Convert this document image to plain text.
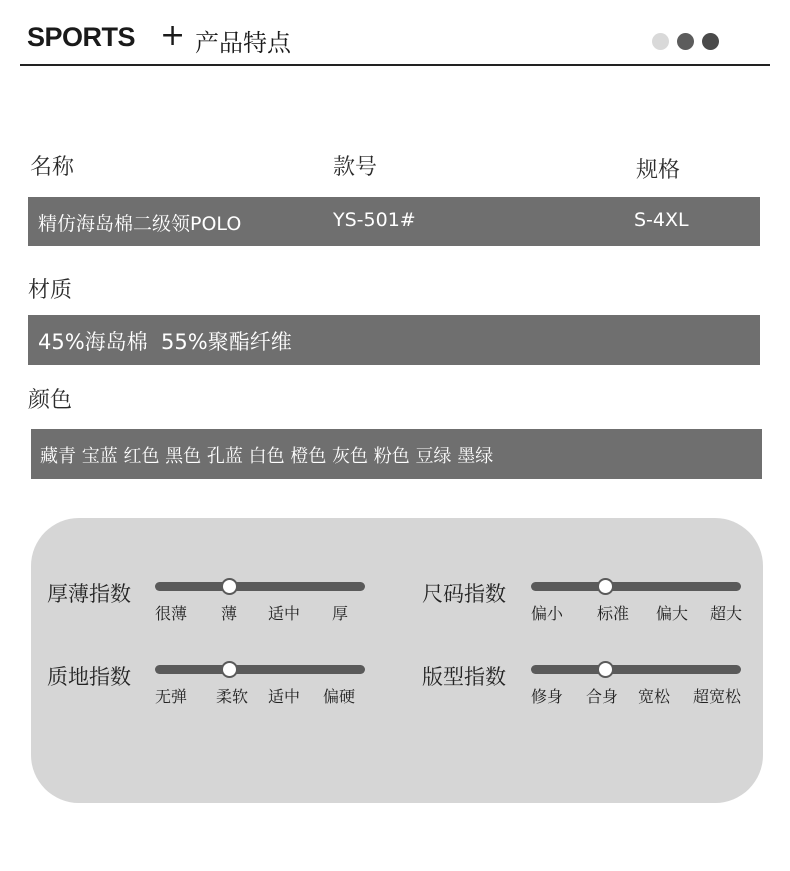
SPORTS + 产品特点
名称	款号	规格
精仿海岛棉二级领POLO	YS-501#	S-4XL
材质
45%海岛棉  55%聚酯纤维
颜色
藏青 宝蓝 红色 黑色 孔蓝 白色 橙色 灰色 粉色 豆绿 墨绿
厚薄指数
很薄 薄 适中 厚
尺码指数
偏小 标准 偏大 超大
质地指数
无弹 柔软 适中 偏硬
版型指数
修身 合身 宽松 超宽松
